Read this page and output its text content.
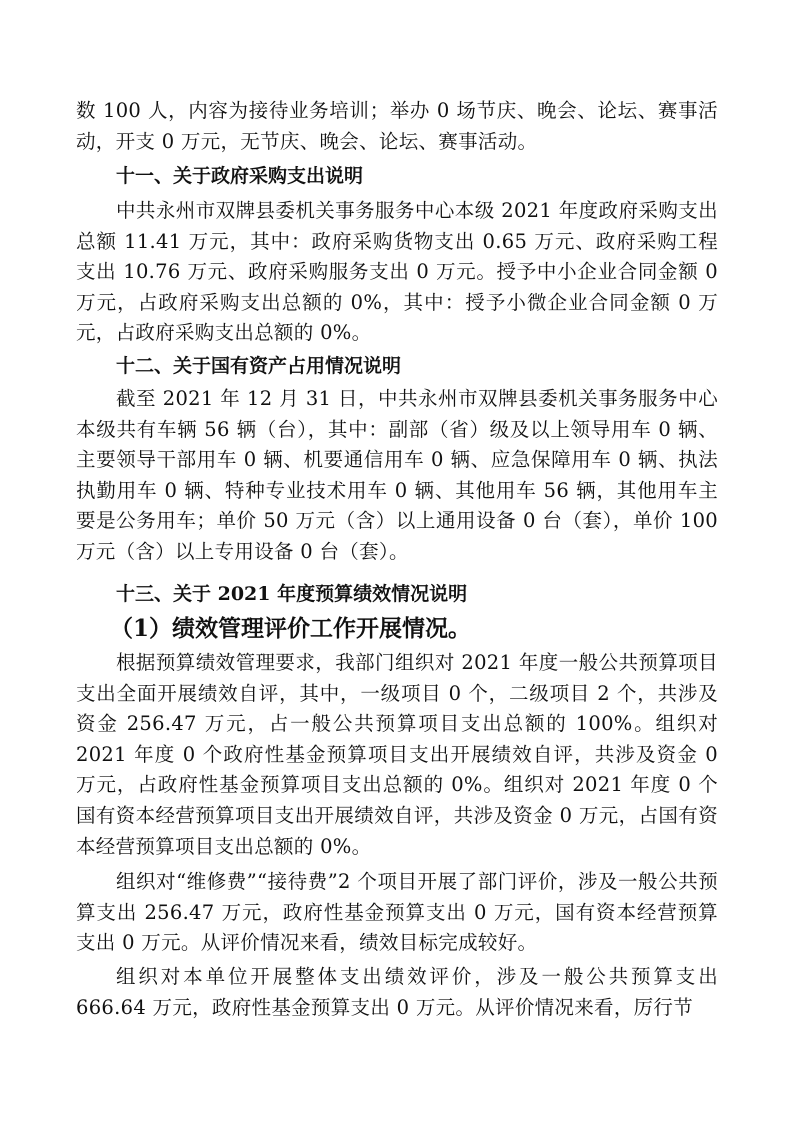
数 100 人，内容为接待业务培训；举办 0 场节庆、晚会、论坛、赛事活动，开支 0 万元，无节庆、晚会、论坛、赛事活动。

十一、关于政府采购支出说明

中共永州市双牌县委机关事务服务中心本级 2021 年度政府采购支出总额 11.41 万元，其中：政府采购货物支出 0.65 万元、政府采购工程支出 10.76 万元、政府采购服务支出 0 万元。授予中小企业合同金额 0 万元，占政府采购支出总额的 0%，其中：授予小微企业合同金额 0 万元，占政府采购支出总额的 0%。

十二、关于国有资产占用情况说明

截至 2021 年 12 月 31 日，中共永州市双牌县委机关事务服务中心本级共有车辆 56 辆（台），其中：副部（省）级及以上领导用车 0 辆、主要领导干部用车 0 辆、机要通信用车 0 辆、应急保障用车 0 辆、执法执勤用车 0 辆、特种专业技术用车 0 辆、其他用车 56 辆，其他用车主要是公务用车；单价 50 万元（含）以上通用设备 0 台（套），单价 100 万元（含）以上专用设备 0 台（套）。

十三、关于 2021 年度预算绩效情况说明

（1）绩效管理评价工作开展情况。

根据预算绩效管理要求，我部门组织对 2021 年度一般公共预算项目支出全面开展绩效自评，其中，一级项目 0 个，二级项目 2 个，共涉及资金 256.47 万元，占一般公共预算项目支出总额的 100%。组织对 2021 年度 0 个政府性基金预算项目支出开展绩效自评，共涉及资金 0 万元，占政府性基金预算项目支出总额的 0%。组织对 2021 年度 0 个国有资本经营预算项目支出开展绩效自评，共涉及资金 0 万元，占国有资本经营预算项目支出总额的 0%。

组织对“维修费”“接待费”2 个项目开展了部门评价，涉及一般公共预算支出 256.47 万元，政府性基金预算支出 0 万元，国有资本经营预算支出 0 万元。从评价情况来看，绩效目标完成较好。

组织对本单位开展整体支出绩效评价，涉及一般公共预算支出 666.64 万元，政府性基金预算支出 0 万元。从评价情况来看，厉行节
